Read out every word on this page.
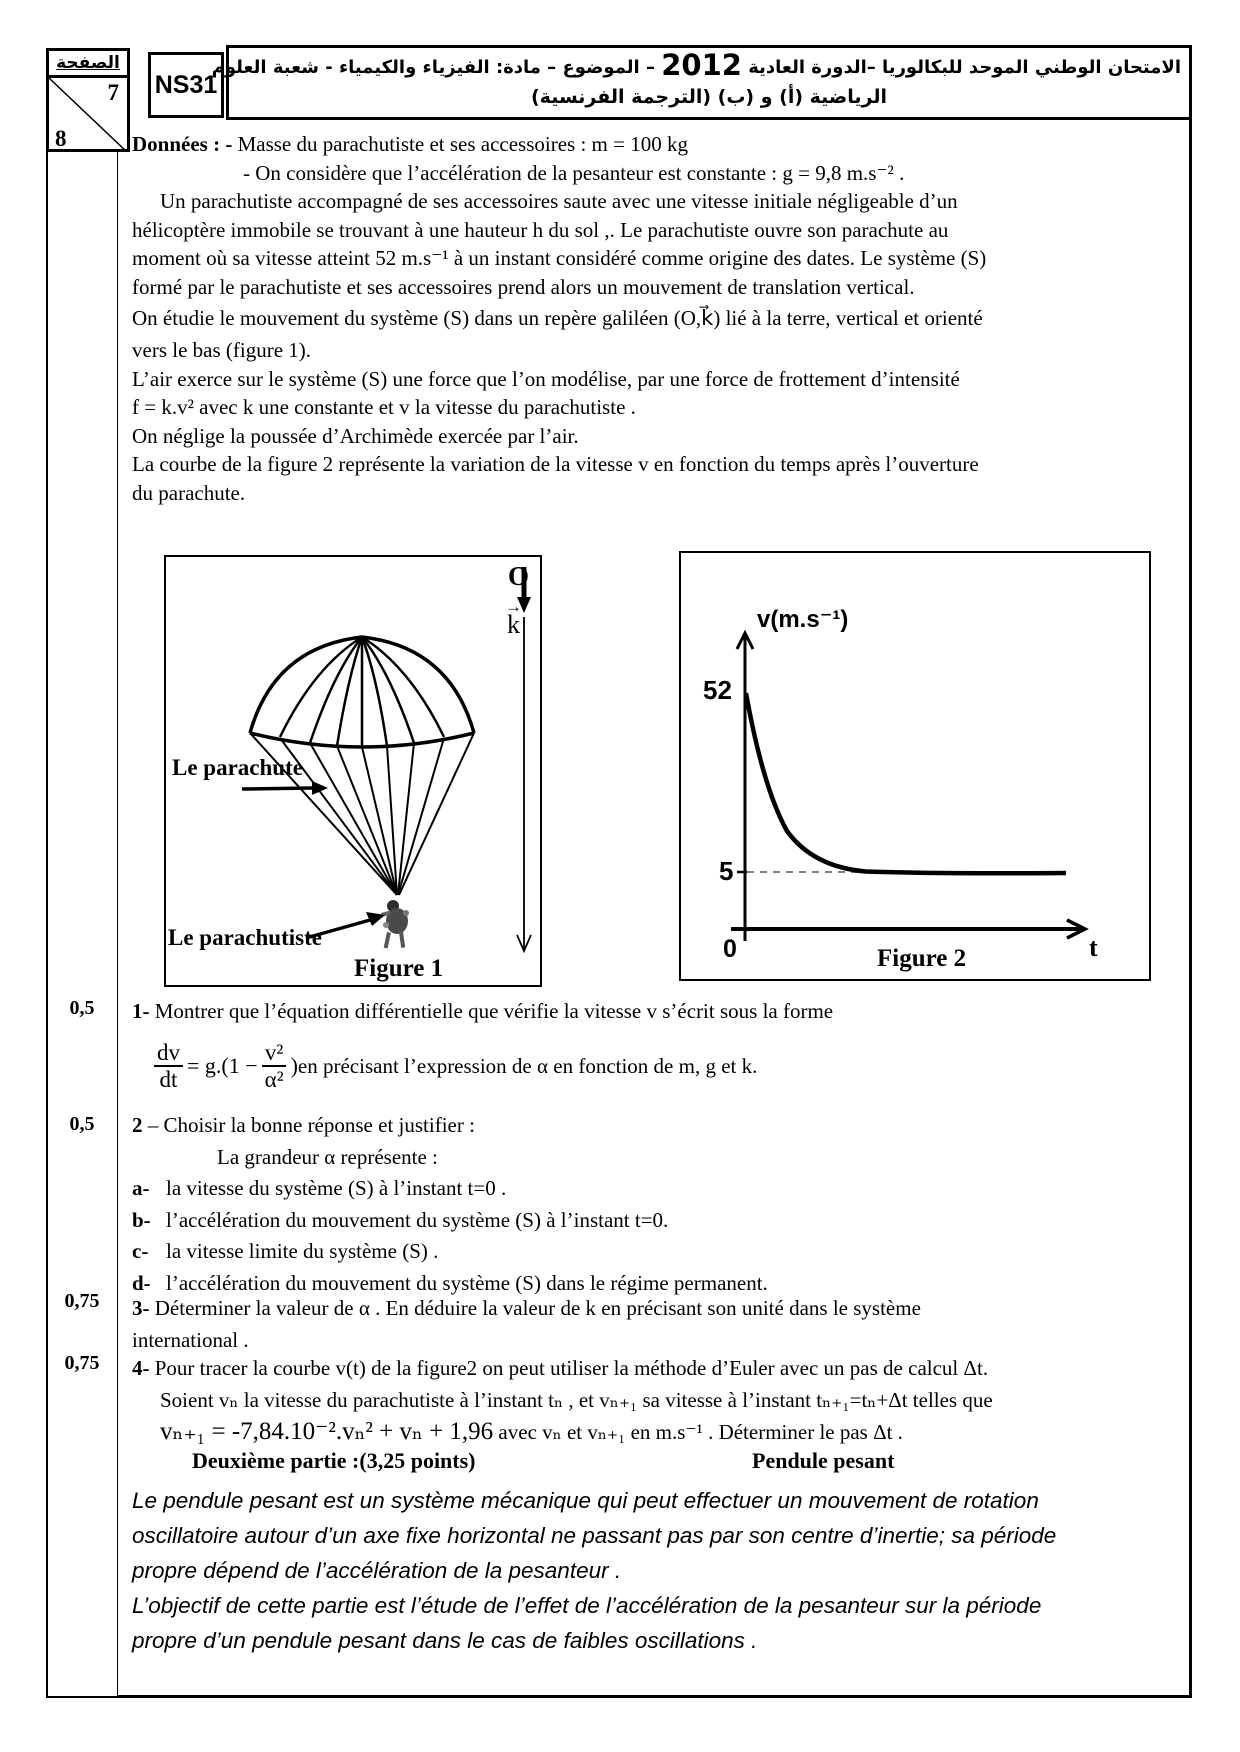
الصفحة
7
8
NS31
الامتحان الوطني الموحد للبكالوريا –الدورة العادية 2012 – الموضوع – مادة: الفيزياء والكيمياء - شعبة العلوم
الرياضية (أ) و (ب) (الترجمة الفرنسية)
0,5
0,5
0,75
0,75
Données : - Masse du parachutiste et ses accessoires : m = 100 kg
- On considère que l’accélération de la pesanteur est constante : g = 9,8 m.s⁻² .
Un parachutiste accompagné de ses accessoires saute avec une vitesse initiale négligeable d’un
hélicoptère immobile se trouvant à une hauteur h du sol ,. Le parachutiste ouvre son parachute au
moment où sa vitesse atteint 52 m.s⁻¹ à un instant considéré comme origine des dates. Le système (S)
formé par le parachutiste et ses accessoires prend alors un mouvement de translation vertical.
On étudie le mouvement du système (S) dans un repère galiléen (O,k⃗) lié à la terre, vertical et orienté
vers le bas (figure 1).
L’air exerce sur le système (S) une force que l’on modélise, par une force de frottement d’intensité
f = k.v² avec k une constante et v la vitesse du parachutiste .
On néglige la poussée d’Archimède exercée par l’air.
La courbe de la figure 2 représente la variation de la vitesse v en fonction du temps après l’ouverture
du parachute.
O
→
k
Le parachute
Le parachutiste
Figure 1
v(m.s⁻¹)
52
5
0	t
Figure 2
1- Montrer que l’équation différentielle que vérifie la vitesse v s’écrit sous la forme
$\frac{dv}{dt} = g.(1 - \frac{\text{v²}}{\text{α²}}$ ) en précisant l’expression de α en fonction de m, g et k.
2 – Choisir la bonne réponse et justifier :
La grandeur α représente :
a- la vitesse du système (S) à l’instant t=0 .
b- l’accélération du mouvement du système (S) à l’instant t=0.
c- la vitesse limite du système (S) .
d- l’accélération du mouvement du système (S) dans le régime permanent.
3- Déterminer la valeur de α . En déduire la valeur de k en précisant son unité dans le système
international .
4- Pour tracer la courbe v(t) de la figure2 on peut utiliser la méthode d’Euler avec un pas de calcul Δt.
Soient vₙ la vitesse du parachutiste à l’instant tₙ , et vₙ₊₁ sa vitesse à l’instant tₙ₊₁=tₙ+Δt telles que
vₙ₊₁ = -7,84.10⁻².vₙ² + vₙ + 1,96 avec vₙ et vₙ₊₁ en m.s⁻¹ . Déterminer le pas Δt .
Deuxième partie :(3,25 points)	Pendule pesant
Le pendule pesant est un système mécanique qui peut effectuer un mouvement de rotation
oscillatoire autour d’un axe fixe horizontal ne passant pas par son centre d’inertie; sa période
propre dépend de l’accélération de la pesanteur .
L’objectif de cette partie est l’étude de l’effet de l’accélération de la pesanteur sur la période
propre d’un pendule pesant dans le cas de faibles oscillations .
